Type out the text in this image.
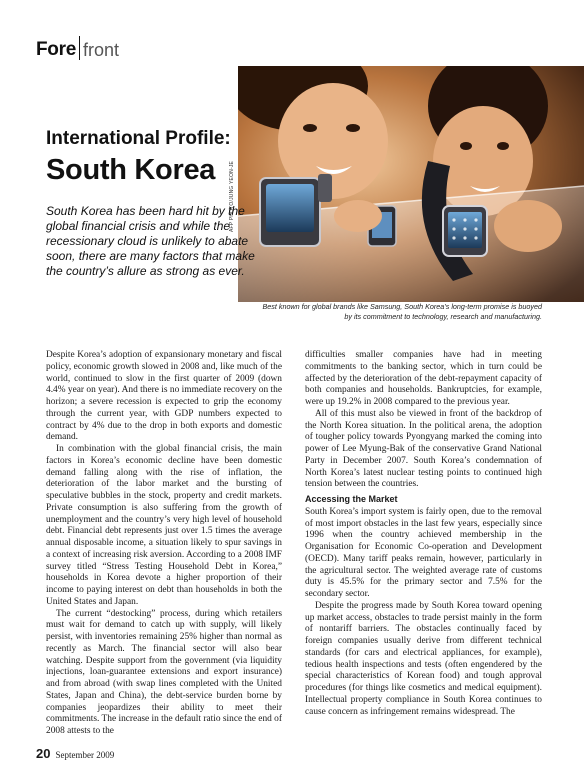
Fore front
AFP PHOTO/JUNG YEON-JE
International Profile:
South Korea
South Korea has been hard hit by the global financial crisis and while the recessionary cloud is unlikely to abate soon, there are many factors that make the country’s allure as strong as ever.
Best known for global brands like Samsung, South Korea’s long-term promise is buoyed by its commitment to technology, research and manufacturing.

Despite Korea’s adoption of expansionary monetary and fiscal policy, economic growth slowed in 2008 and, like much of the world, continued to slow in the first quarter of 2009 (down 4.4% year on year). And there is no immediate recovery on the horizon; a severe recession is expected to grip the economy through the current year, with GDP numbers expected to contract by 4% due to the drop in both exports and domestic demand.

In combination with the global financial crisis, the main factors in Korea’s economic decline have been domestic demand falling along with the rise of inflation, the deterioration of the labor market and the bursting of speculative bubbles in the stock, property and credit markets. Private consumption is also suffering from the growth of unemployment and the country’s very high level of household debt. Financial debt represents just over 1.5 times the average annual disposable income, a situation likely to spur savings in a context of increasing risk aversion. According to a 2008 IMF survey titled “Stress Testing Household Debt in Korea,” households in Korea devote a higher proportion of their income to paying interest on debt than households in both the United States and Japan.

The current “destocking” process, during which retailers must wait for demand to catch up with supply, will likely persist, with inventories remaining 25% higher than normal as recently as March. The financial sector will also bear watching. Despite support from the government (via liquidity injections, loan-guarantee extensions and export insurance) and from abroad (with swap lines completed with the United States, Japan and China), the debt-service burden borne by companies jeopardizes their ability to meet their commitments. The increase in the default ratio since the end of 2008 attests to the

difficulties smaller companies have had in meeting commitments to the banking sector, which in turn could be affected by the deterioration of the debt-repayment capacity of both companies and households. Bankruptcies, for example, were up 19.2% in 2008 compared to the previous year.

All of this must also be viewed in front of the backdrop of the North Korea situation. In the political arena, the adoption of tougher policy towards Pyongyang marked the coming into power of Lee Myung-Bak of the conservative Grand National Party in December 2007. South Korea’s condemnation of North Korea’s latest nuclear testing points to continued high tension between the countries.

Accessing the Market

South Korea’s import system is fairly open, due to the removal of most import obstacles in the last few years, especially since 1996 when the country achieved membership in the Organisation for Economic Co-operation and Development (OECD). Many tariff peaks remain, however, particularly in the agricultural sector. The weighted average rate of customs duty is 45.5% for the primary sector and 7.5% for the secondary sector.

Despite the progress made by South Korea toward opening up market access, obstacles to trade persist mainly in the form of nontariff barriers. The obstacles continually faced by foreign companies usually derive from different technical standards (for cars and electrical appliances, for example), tedious health inspections and tests (often engendered by the special characteristics of Korean food) and tough approval procedures (for things like cosmetics and medical equipment). Intellectual property compliance in South Korea continues to cause concern as infringement remains widespread. The

20 September 2009
